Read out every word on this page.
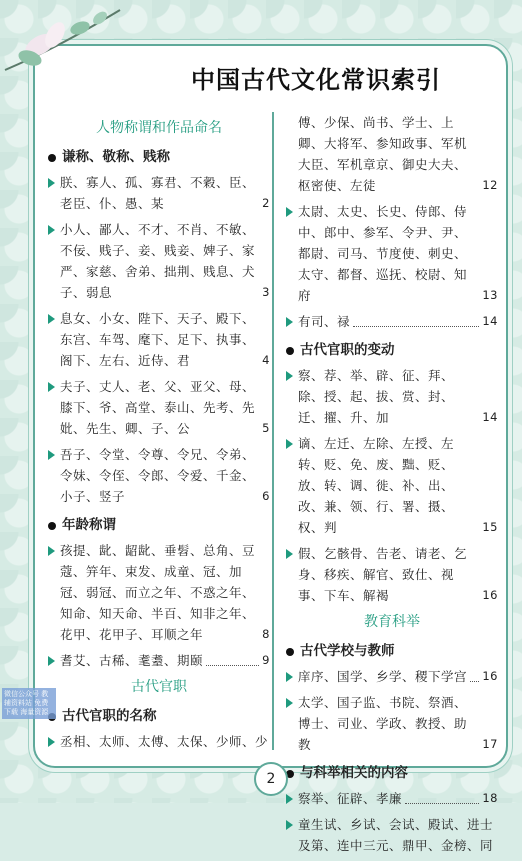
中国古代文化常识索引
人物称谓和作品命名
谦称、敬称、贱称
朕、寡人、孤、寡君、不穀、臣、老臣、仆、愚、某	2
小人、鄙人、不才、不肖、不敏、不佞、贱子、妾、贱妾、婢子、家严、家慈、舍弟、拙荆、贱息、犬子、弱息	3
息女、小女、陛下、天子、殿下、东宫、车驾、麾下、足下、执事、阁下、左右、近侍、君	4
夫子、丈人、老、父、亚父、母、膝下、爷、高堂、泰山、先考、先妣、先生、卿、子、公	5
吾子、令堂、令尊、令兄、令弟、令妹、令侄、令郎、令爱、千金、小子、竖子	6
年龄称谓
孩提、龀、龆龀、垂髫、总角、豆蔻、笄年、束发、成童、冠、加冠、弱冠、而立之年、不惑之年、知命、知天命、半百、知非之年、花甲、花甲子、耳顺之年	8
耆艾、古稀、耄耋、期颐	9
古代官职
古代官职的名称
丞相、太师、太傅、太保、少师、少
傅、少保、尚书、学士、上卿、大将军、参知政事、军机大臣、军机章京、御史大夫、枢密使、左徒	12
太尉、太史、长史、侍郎、侍中、郎中、参军、令尹、尹、都尉、司马、节度使、刺史、太守、都督、巡抚、校尉、知府	13
有司、禄	14
古代官职的变动
察、荐、举、辟、征、拜、除、授、起、拔、赏、封、迁、擢、升、加	14
谪、左迁、左除、左授、左转、贬、免、废、黜、贬、放、转、调、徙、补、出、改、兼、领、行、署、摄、权、判	15
假、乞骸骨、告老、请老、乞身、移疾、解官、致仕、视事、下车、解褐	16
教育科举
古代学校与教师
庠序、国学、乡学、稷下学宫 16
太学、国子监、书院、祭酒、博士、司业、学政、教授、助教	17
与科举相关的内容
察举、征辟、孝廉	18
童生试、乡试、会试、殿试、进士及第、连中三元、鼎甲、金榜、同
微信公众号 教辅资料站 免费下载 海量资源
2
